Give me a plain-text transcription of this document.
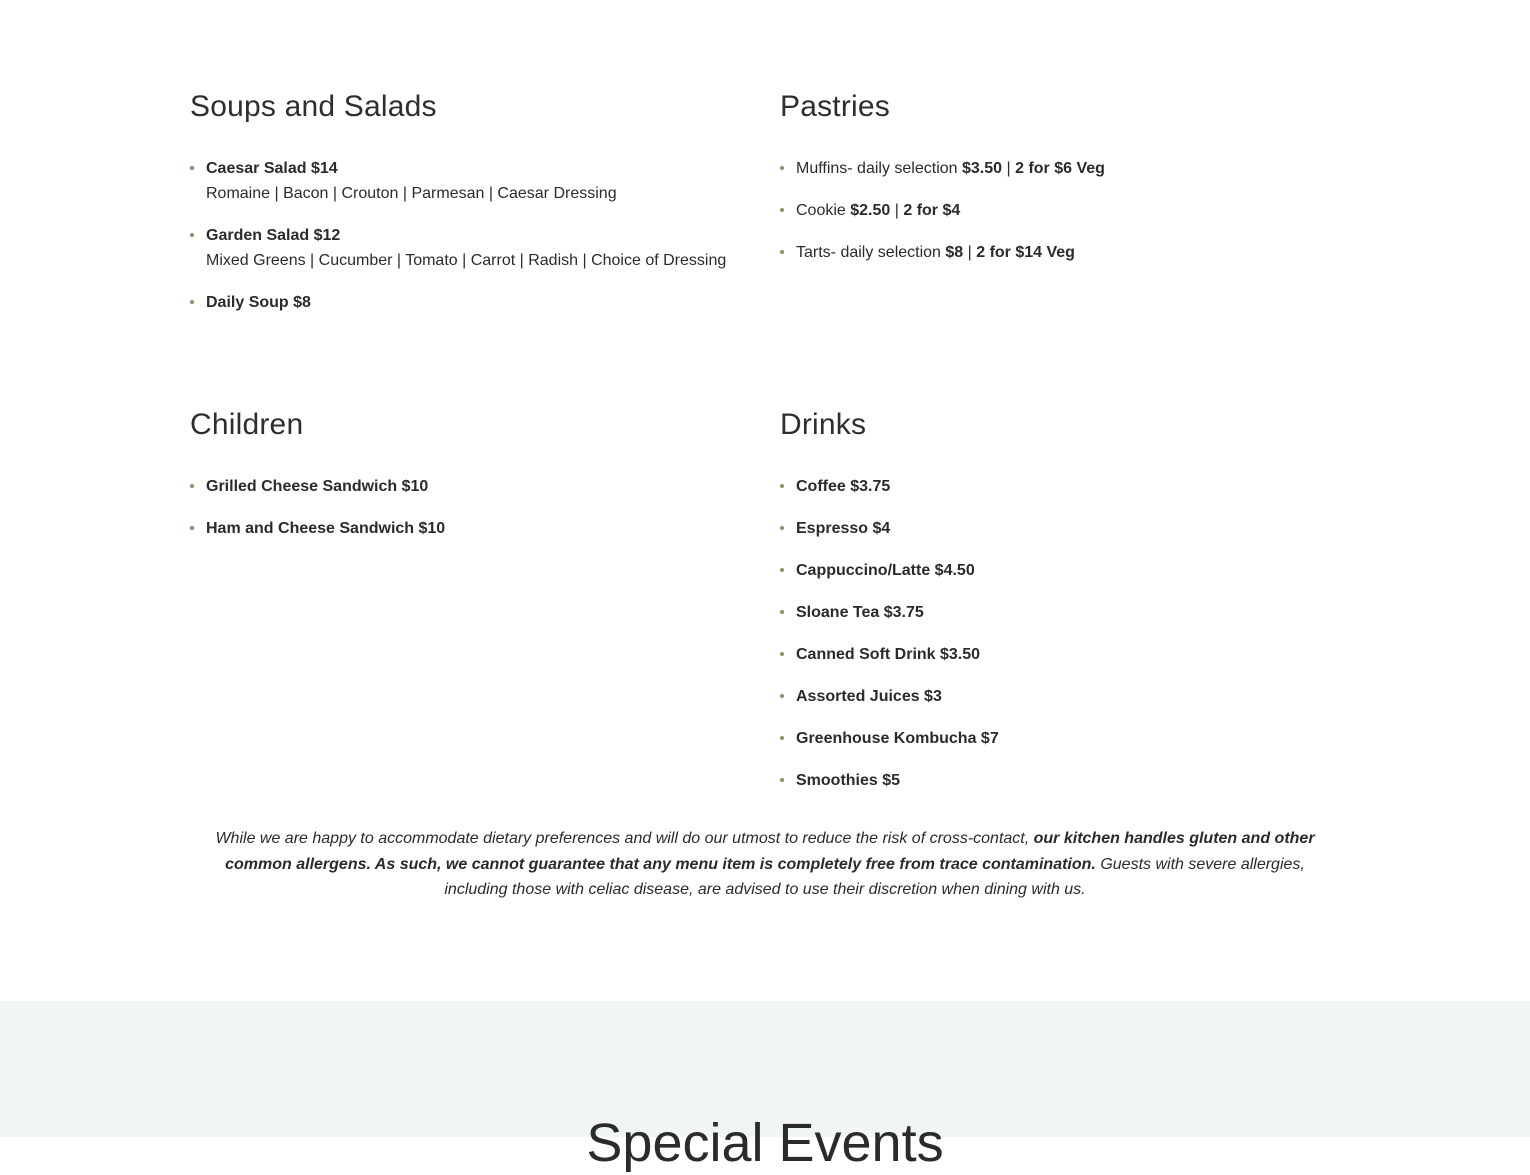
Soups and Salads
Caesar Salad $14
Romaine | Bacon | Crouton | Parmesan | Caesar Dressing
Garden Salad $12
Mixed Greens | Cucumber | Tomato | Carrot | Radish | Choice of Dressing
Daily Soup $8
Pastries
Muffins- daily selection $3.50 | 2 for $6 Veg
Cookie $2.50 | 2 for $4
Tarts- daily selection $8 | 2 for $14 Veg
Children
Grilled Cheese Sandwich $10
Ham and Cheese Sandwich $10
Drinks
Coffee $3.75
Espresso $4
Cappuccino/Latte $4.50
Sloane Tea $3.75
Canned Soft Drink $3.50
Assorted Juices $3
Greenhouse Kombucha $7
Smoothies $5

While we are happy to accommodate dietary preferences and will do our utmost to reduce the risk of cross-contact, our kitchen handles gluten and other common allergens. As such, we cannot guarantee that any menu item is completely free from trace contamination. Guests with severe allergies, including those with celiac disease, are advised to use their discretion when dining with us.

Special Events
